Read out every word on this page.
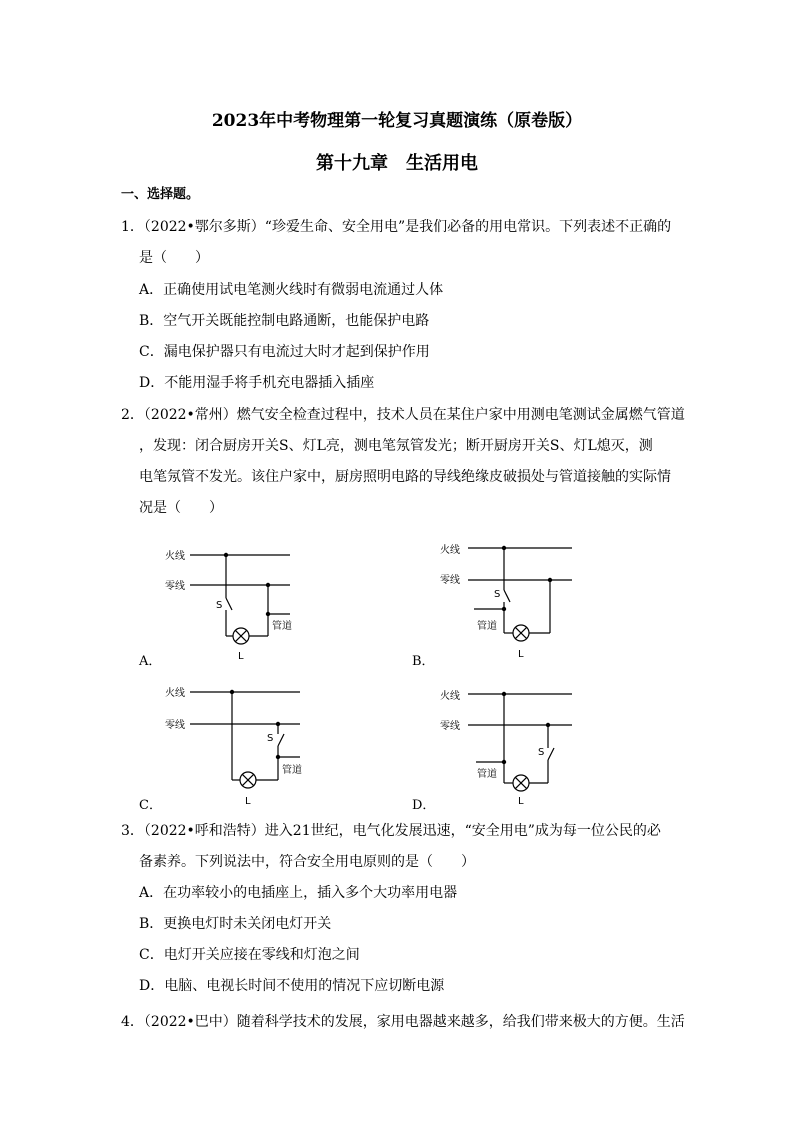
2023年中考物理第一轮复习真题演练（原卷版）
第十九章　生活用电
一、选择题。
1．（2022•鄂尔多斯）“珍爱生命、安全用电”是我们必备的用电常识。下列表述不正确的
是（　　）
A．正确使用试电笔测火线时有微弱电流通过人体
B．空气开关既能控制电路通断，也能保护电路
C．漏电保护器只有电流过大时才起到保护作用
D．不能用湿手将手机充电器插入插座
2．（2022•常州）燃气安全检查过程中，技术人员在某住户家中用测电笔测试金属燃气管道
，发现：闭合厨房开关S、灯L亮，测电笔氖管发光；断开厨房开关S、灯L熄灭，测
电笔氖管不发光。该住户家中，厨房照明电路的导线绝缘皮破损处与管道接触的实际情
况是（　　）
A．
火线
零线
S
L
管道
B．
火线
零线
S
管道
L
C．
火线
零线
L
管道
S
D．
火线
零线
管道
L
S
3．（2022•呼和浩特）进入21世纪，电气化发展迅速，“安全用电”成为每一位公民的必
备素养。下列说法中，符合安全用电原则的是（　　）
A．在功率较小的电插座上，插入多个大功率用电器
B．更换电灯时未关闭电灯开关
C．电灯开关应接在零线和灯泡之间
D．电脑、电视长时间不使用的情况下应切断电源
4．（2022•巴中）随着科学技术的发展，家用电器越来越多，给我们带来极大的方便。生活
